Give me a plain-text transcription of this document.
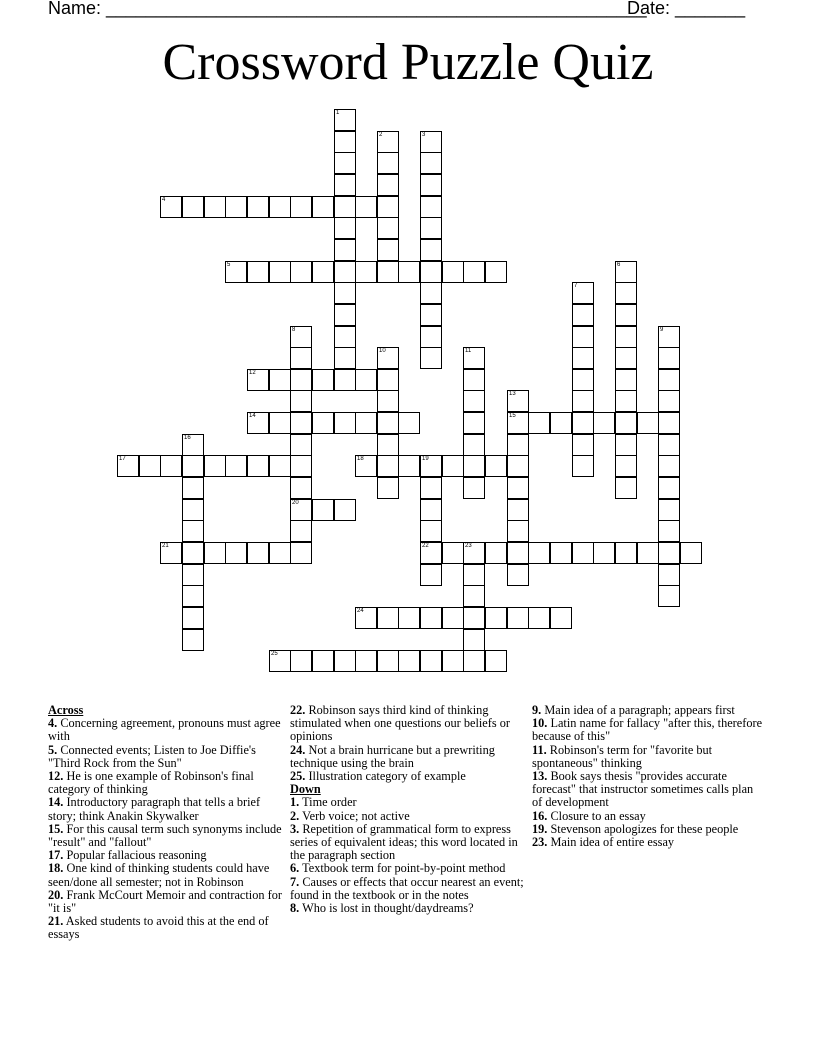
Name: ______________________________________________________
Date: _______
Crossword Puzzle Quiz
1
2	3
4
5	6
7
8
20
9
10	11
12
13
15
14
16
17	18	19
22
21	23
24
25

Across

4. Concerning agreement, pronouns must agree with

5. Connected events; Listen to Joe Diffie's "Third Rock from the Sun"

12. He is one example of Robinson's final category of thinking

14. Introductory paragraph that tells a brief story; think Anakin Skywalker

15. For this causal term such synonyms include "result" and "fallout"

17. Popular fallacious reasoning

18. One kind of thinking students could have seen/done all semester; not in Robinson

20. Frank McCourt Memoir and contraction for "it is"

21. Asked students to avoid this at the end of essays

22. Robinson says third kind of thinking stimulated when one questions our beliefs or opinions

24. Not a brain hurricane but a prewriting technique using the brain

25. Illustration category of example

Down

1. Time order

2. Verb voice; not active

3. Repetition of grammatical form to express series of equivalent ideas; this word located in the paragraph section

6. Textbook term for point-by-point method

7. Causes or effects that occur nearest an event; found in the textbook or in the notes

8. Who is lost in thought/daydreams?

9. Main idea of a paragraph; appears first

10. Latin name for fallacy "after this, therefore because of this"

11. Robinson's term for "favorite but spontaneous" thinking

13. Book says thesis "provides accurate forecast" that instructor sometimes calls plan of development

16. Closure to an essay

19. Stevenson apologizes for these people

23. Main idea of entire essay
